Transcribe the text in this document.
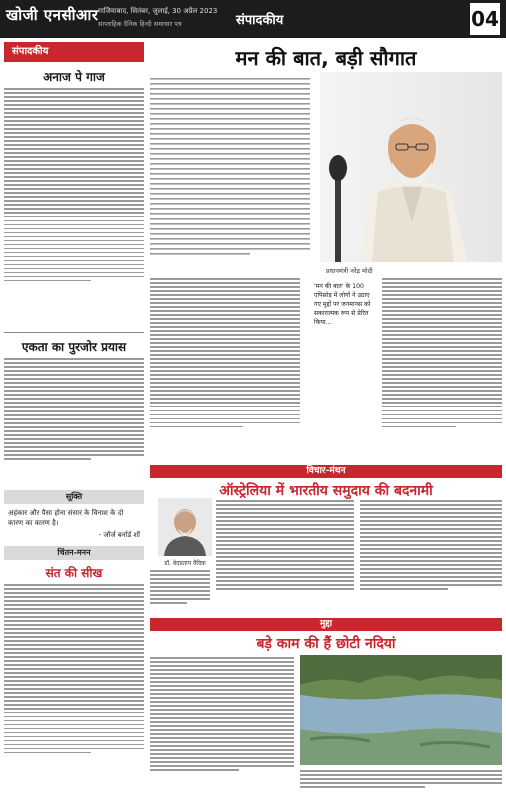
खोजी एनसीआर गाजियाबाद, सितंबर, जुलाई, 30 अप्रैल 2023
साप्ताहिक दैनिक हिन्दी समाचार पत्र	संपादकीय	04
संपादकीय
अनाज पे गाज
एकता का पुरजोर प्रयास
सूक्ति
अहंकार और पैसा होना संसार के विनाश के दो कारण का कारण है।
- जॉर्ज बर्नार्ड शॉ
चिंतन-मनन
संत की सीख
मन की बात, बड़ी सौगात
प्रधानमंत्री नरेंद्र मोदी
'मन की बात' के 100 एपिसोड़ में लोगों ने उठाए गए मुद्दों पर जनमानस को सकारात्मक रूप से प्रेरित किया...
विचार-मंथन
ऑस्ट्रेलिया में भारतीय समुदाय की बदनामी
डॉ. वेदप्रताप वैदिक
मुद्दा
बड़े काम की हैं छोटी नदियां
